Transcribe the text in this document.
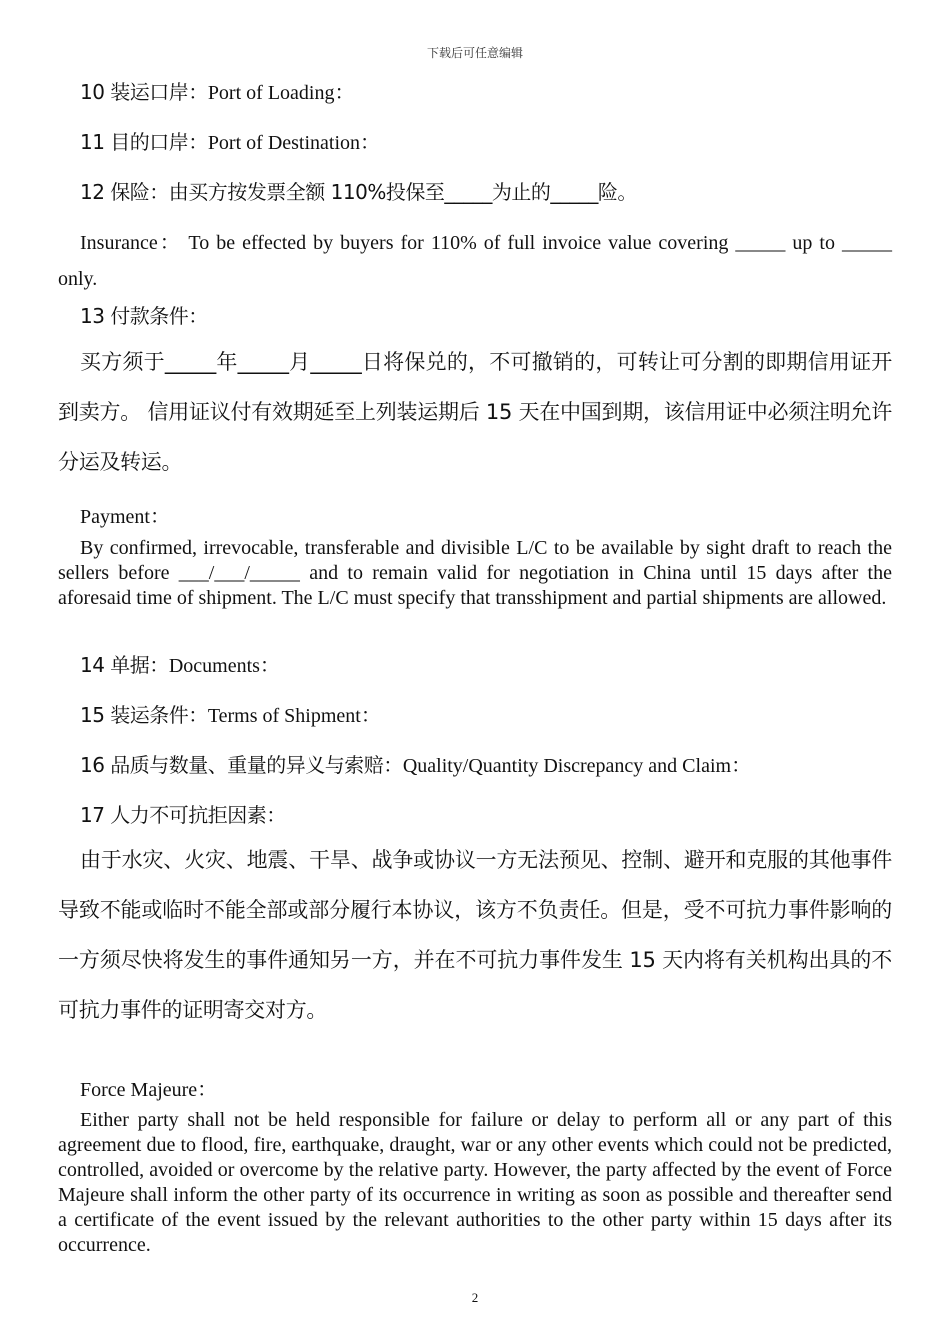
下载后可任意编辑
10 装运口岸：Port of Loading：
11 目的口岸：Port of Destination：
12 保险：由买方按发票全额 110%投保至_____为止的_____险。
Insurance： To be effected by buyers for 110% of full invoice value covering _____ up to _____ only.
13 付款条件：
买方须于_____年_____月_____日将保兑的，不可撤销的，可转让可分割的即期信用证开到卖方。 信用证议付有效期延至上列装运期后 15 天在中国到期，该信用证中必须注明允许分运及转运。
Payment：
By confirmed, irrevocable, transferable and divisible L/C to be available by sight draft to reach the sellers before ___/___/_____ and to remain valid for negotiation in China until 15 days after the aforesaid time of shipment. The L/C must specify that transshipment and partial shipments are allowed.
14 单据：Documents：
15 装运条件：Terms of Shipment：
16 品质与数量、重量的异义与索赔：Quality/Quantity Discrepancy and Claim：
17 人力不可抗拒因素：
由于水灾、火灾、地震、干旱、战争或协议一方无法预见、控制、避开和克服的其他事件导致不能或临时不能全部或部分履行本协议，该方不负责任。但是，受不可抗力事件影响的一方须尽快将发生的事件通知另一方，并在不可抗力事件发生 15 天内将有关机构出具的不可抗力事件的证明寄交对方。
Force Majeure：
Either party shall not be held responsible for failure or delay to perform all or any part of this agreement due to flood, fire, earthquake, draught, war or any other events which could not be predicted, controlled, avoided or overcome by the relative party. However, the party affected by the event of Force Majeure shall inform the other party of its occurrence in writing as soon as possible and thereafter send a certificate of the event issued by the relevant authorities to the other party within 15 days after its occurrence.
2
